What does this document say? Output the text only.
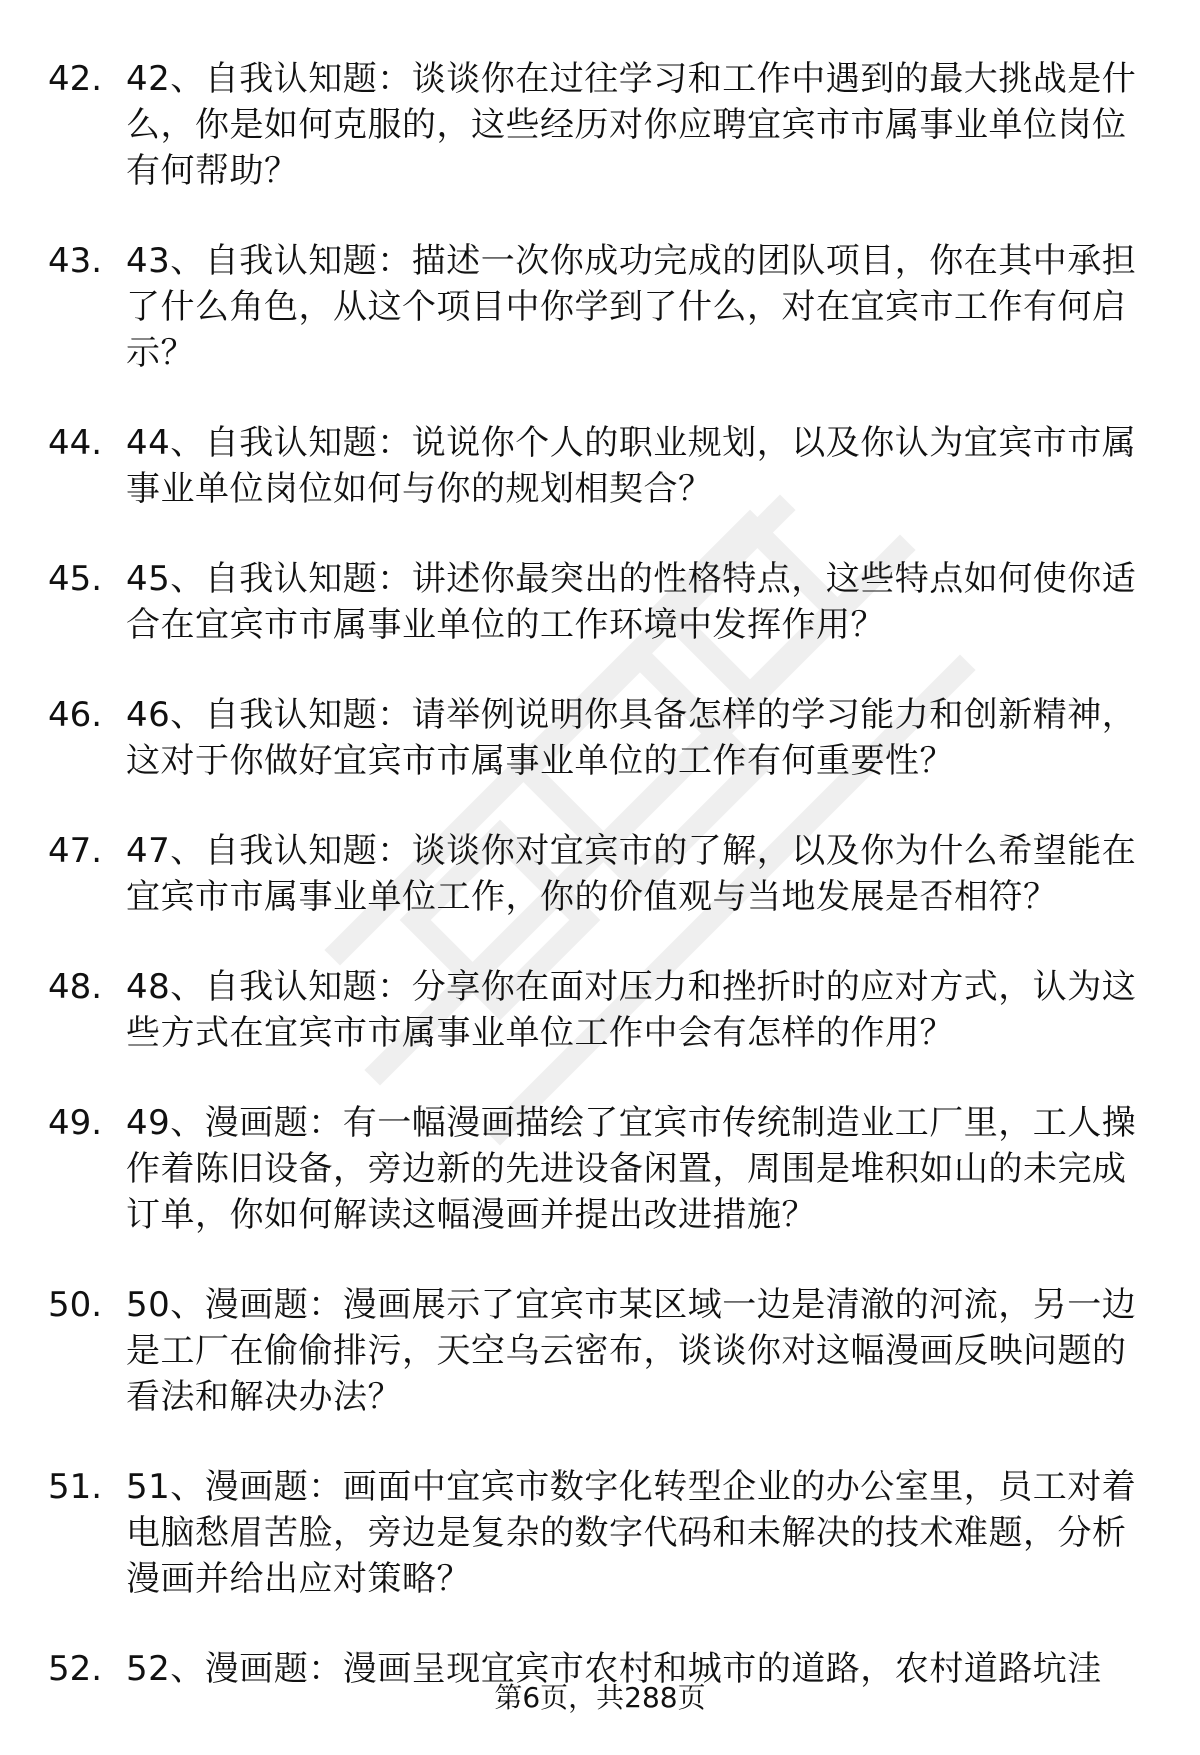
42. 42、自我认知题：谈谈你在过往学习和工作中遇到的最大挑战是什么，你是如何克服的，这些经历对你应聘宜宾市市属事业单位岗位有何帮助？
43. 43、自我认知题：描述一次你成功完成的团队项目，你在其中承担了什么角色，从这个项目中你学到了什么，对在宜宾市工作有何启示？
44. 44、自我认知题：说说你个人的职业规划，以及你认为宜宾市市属事业单位岗位如何与你的规划相契合？
45. 45、自我认知题：讲述你最突出的性格特点，这些特点如何使你适合在宜宾市市属事业单位的工作环境中发挥作用？
46. 46、自我认知题：请举例说明你具备怎样的学习能力和创新精神，这对于你做好宜宾市市属事业单位的工作有何重要性？
47. 47、自我认知题：谈谈你对宜宾市的了解，以及你为什么希望能在宜宾市市属事业单位工作，你的价值观与当地发展是否相符？
48. 48、自我认知题：分享你在面对压力和挫折时的应对方式，认为这些方式在宜宾市市属事业单位工作中会有怎样的作用？
49. 49、漫画题：有一幅漫画描绘了宜宾市传统制造业工厂里，工人操作着陈旧设备，旁边新的先进设备闲置，周围是堆积如山的未完成订单，你如何解读这幅漫画并提出改进措施？
50. 50、漫画题：漫画展示了宜宾市某区域一边是清澈的河流，另一边是工厂在偷偷排污，天空乌云密布，谈谈你对这幅漫画反映问题的看法和解决办法？
51. 51、漫画题：画面中宜宾市数字化转型企业的办公室里，员工对着电脑愁眉苦脸，旁边是复杂的数字代码和未解决的技术难题，分析漫画并给出应对策略？
52. 52、漫画题：漫画呈现宜宾市农村和城市的道路，农村道路坑洼
第6页，共288页
